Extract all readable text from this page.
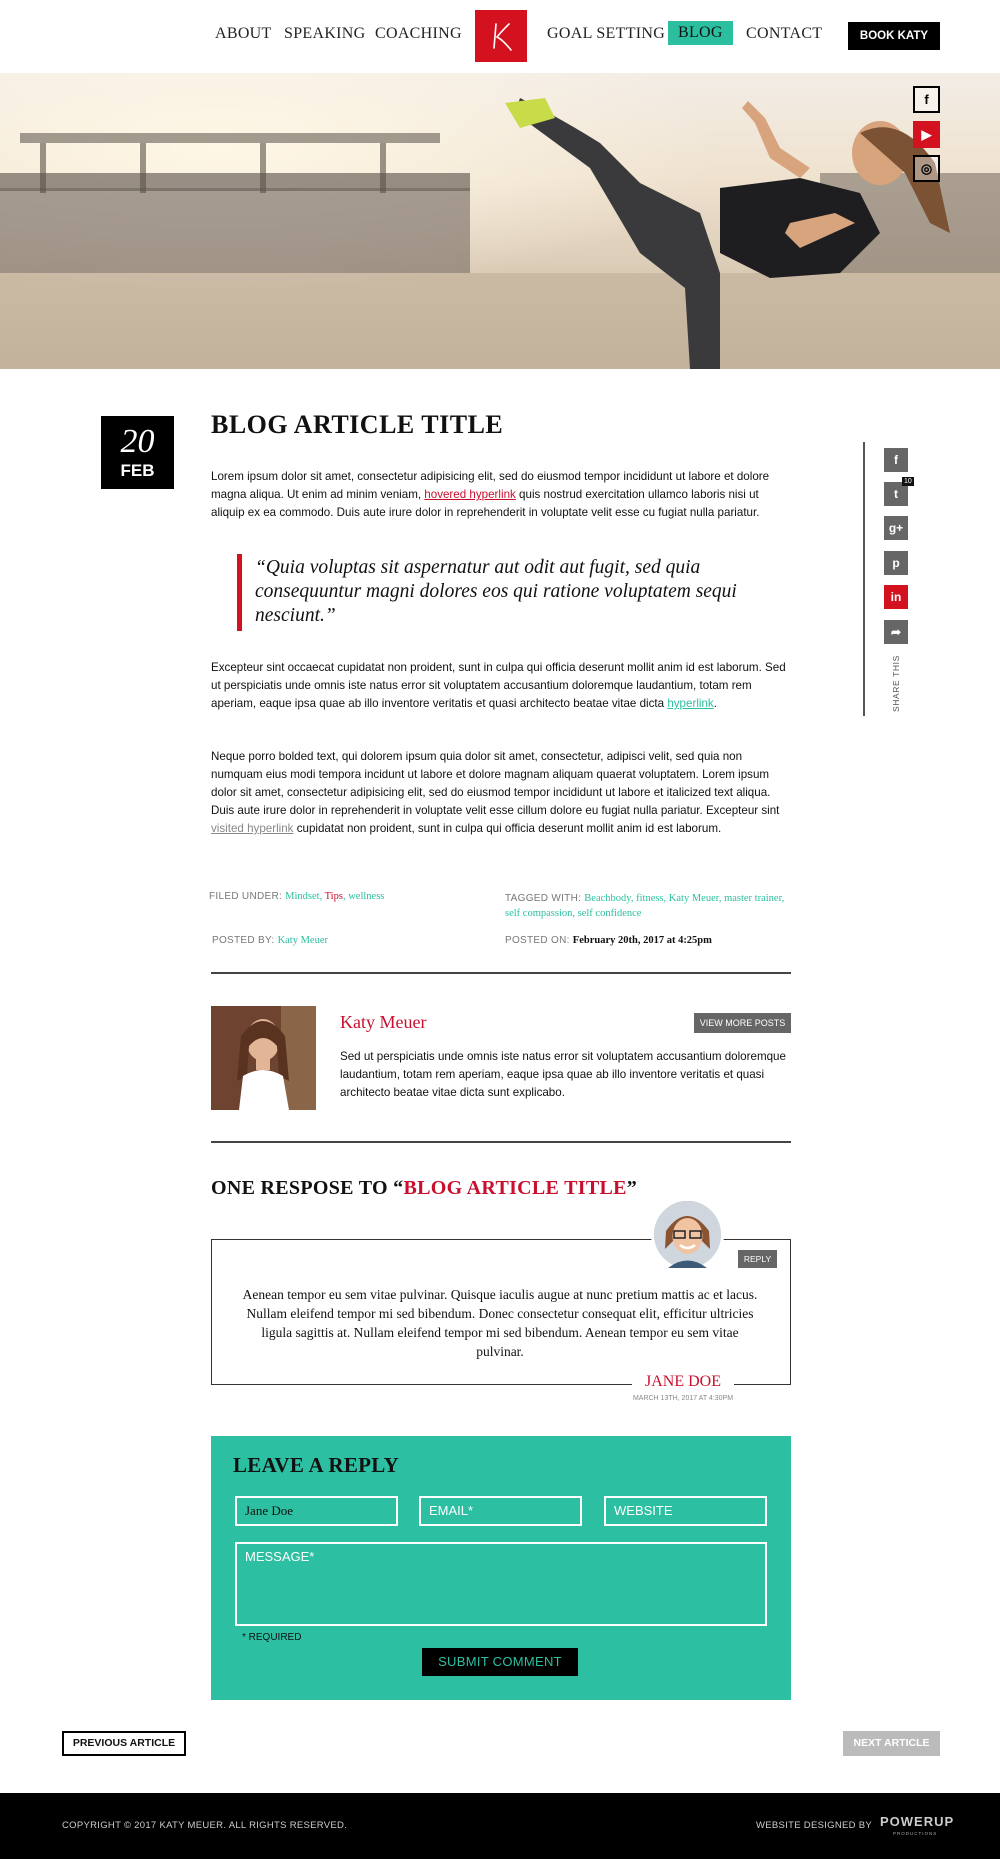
ABOUT SPEAKING COACHING	GOAL SETTING BLOG	CONTACT	BOOK KATY
f
▶
◎
20
FEB
BLOG ARTICLE TITLE

Lorem ipsum dolor sit amet, consectetur adipisicing elit, sed do eiusmod tempor incididunt ut labore et dolore magna aliqua. Ut enim ad minim veniam, hovered hyperlink quis nostrud exercitation ullamco laboris nisi ut aliquip ex ea commodo. Duis aute irure dolor in reprehenderit in voluptate velit esse cu fugiat nulla pariatur.

“Quia voluptas sit aspernatur aut odit aut fugit, sed quia consequuntur magni dolores eos qui ratione voluptatem sequi nesciunt.”

Excepteur sint occaecat cupidatat non proident, sunt in culpa qui officia deserunt mollit anim id est laborum. Sed ut perspiciatis unde omnis iste natus error sit voluptatem accusantium doloremque laudantium, totam rem aperiam, eaque ipsa quae ab illo inventore veritatis et quasi architecto beatae vitae dicta hyperlink.

Neque porro bolded text, qui dolorem ipsum quia dolor sit amet, consectetur, adipisci velit, sed quia non numquam eius modi tempora incidunt ut labore et dolore magnam aliquam quaerat voluptatem. Lorem ipsum dolor sit amet, consectetur adipisicing elit, sed do eiusmod tempor incididunt ut labore et italicized text aliqua. Duis aute irure dolor in reprehenderit in voluptate velit esse cillum dolore eu fugiat nulla pariatur. Excepteur sint visited hyperlink cupidatat non proident, sunt in culpa qui officia deserunt mollit anim id est laborum.

f
t
10
g+
p
in
➦
SHARE THIS
FILED UNDER: Mindset, Tips, wellness	TAGGED WITH: Beachbody, fitness, Katy Meuer, master trainer, self compassion, self confidence
POSTED BY: Katy Meuer	POSTED ON: February 20th, 2017 at 4:25pm
Katy Meuer	VIEW MORE POSTS

Sed ut perspiciatis unde omnis iste natus error sit voluptatem accusantium doloremque laudantium, totam rem aperiam, eaque ipsa quae ab illo inventore veritatis et quasi architecto beatae vitae dicta sunt explicabo.

ONE RESPOSE TO “BLOG ARTICLE TITLE”
REPLY

Aenean tempor eu sem vitae pulvinar. Quisque iaculis augue at nunc pretium mattis ac et lacus. Nullam eleifend tempor mi sed bibendum. Donec consectetur consequat elit, efficitur ultricies ligula sagittis at. Nullam eleifend tempor mi sed bibendum. Aenean tempor eu sem vitae pulvinar.

JANE DOE
MARCH 13TH, 2017 AT 4:30PM
LEAVE A REPLY
Jane Doe	EMAIL*	WEBSITE
MESSAGE*
* REQUIRED
SUBMIT COMMENT
PREVIOUS ARTICLE	NEXT ARTICLE
COPYRIGHT © 2017 KATY MEUER. ALL RIGHTS RESERVED.	WEBSITE DESIGNED BY POWERUP
PRODUCTIONS
